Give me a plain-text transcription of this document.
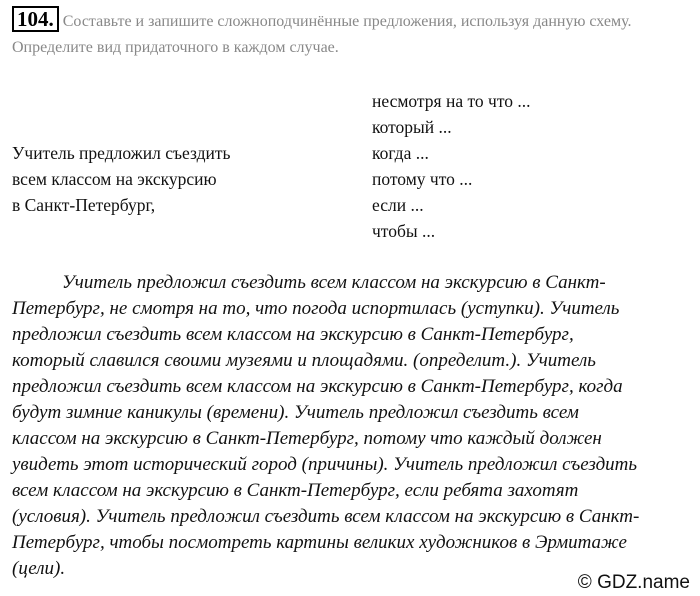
104. Составьте и запишите сложноподчинённые предложения, используя данную схему. Определите вид придаточного в каждом случае.
Учитель предложил съездить
всем классом на экскурсию
в Санкт-Петербург,
несмотря на то что ...
который ...
когда ...
потому что ...
если ...
чтобы ...
Учитель предложил съездить всем классом на экскурсию в Санкт-
Петербург, не смотря на то, что погода испортилась (уступки). Учитель
предложил съездить всем классом на экскурсию в Санкт-Петербург,
который славился своими музеями и площадями. (определит.). Учитель
предложил съездить всем классом на экскурсию в Санкт-Петербург, когда
будут зимние каникулы (времени). Учитель предложил съездить всем
классом на экскурсию в Санкт-Петербург, потому что каждый должен
увидеть этот исторический город (причины). Учитель предложил съездить
всем классом на экскурсию в Санкт-Петербург, если ребята захотят
(условия). Учитель предложил съездить всем классом на экскурсию в Санкт-
Петербург, чтобы посмотреть картины великих художников в Эрмитаже
(цели).
© GDZ.name
